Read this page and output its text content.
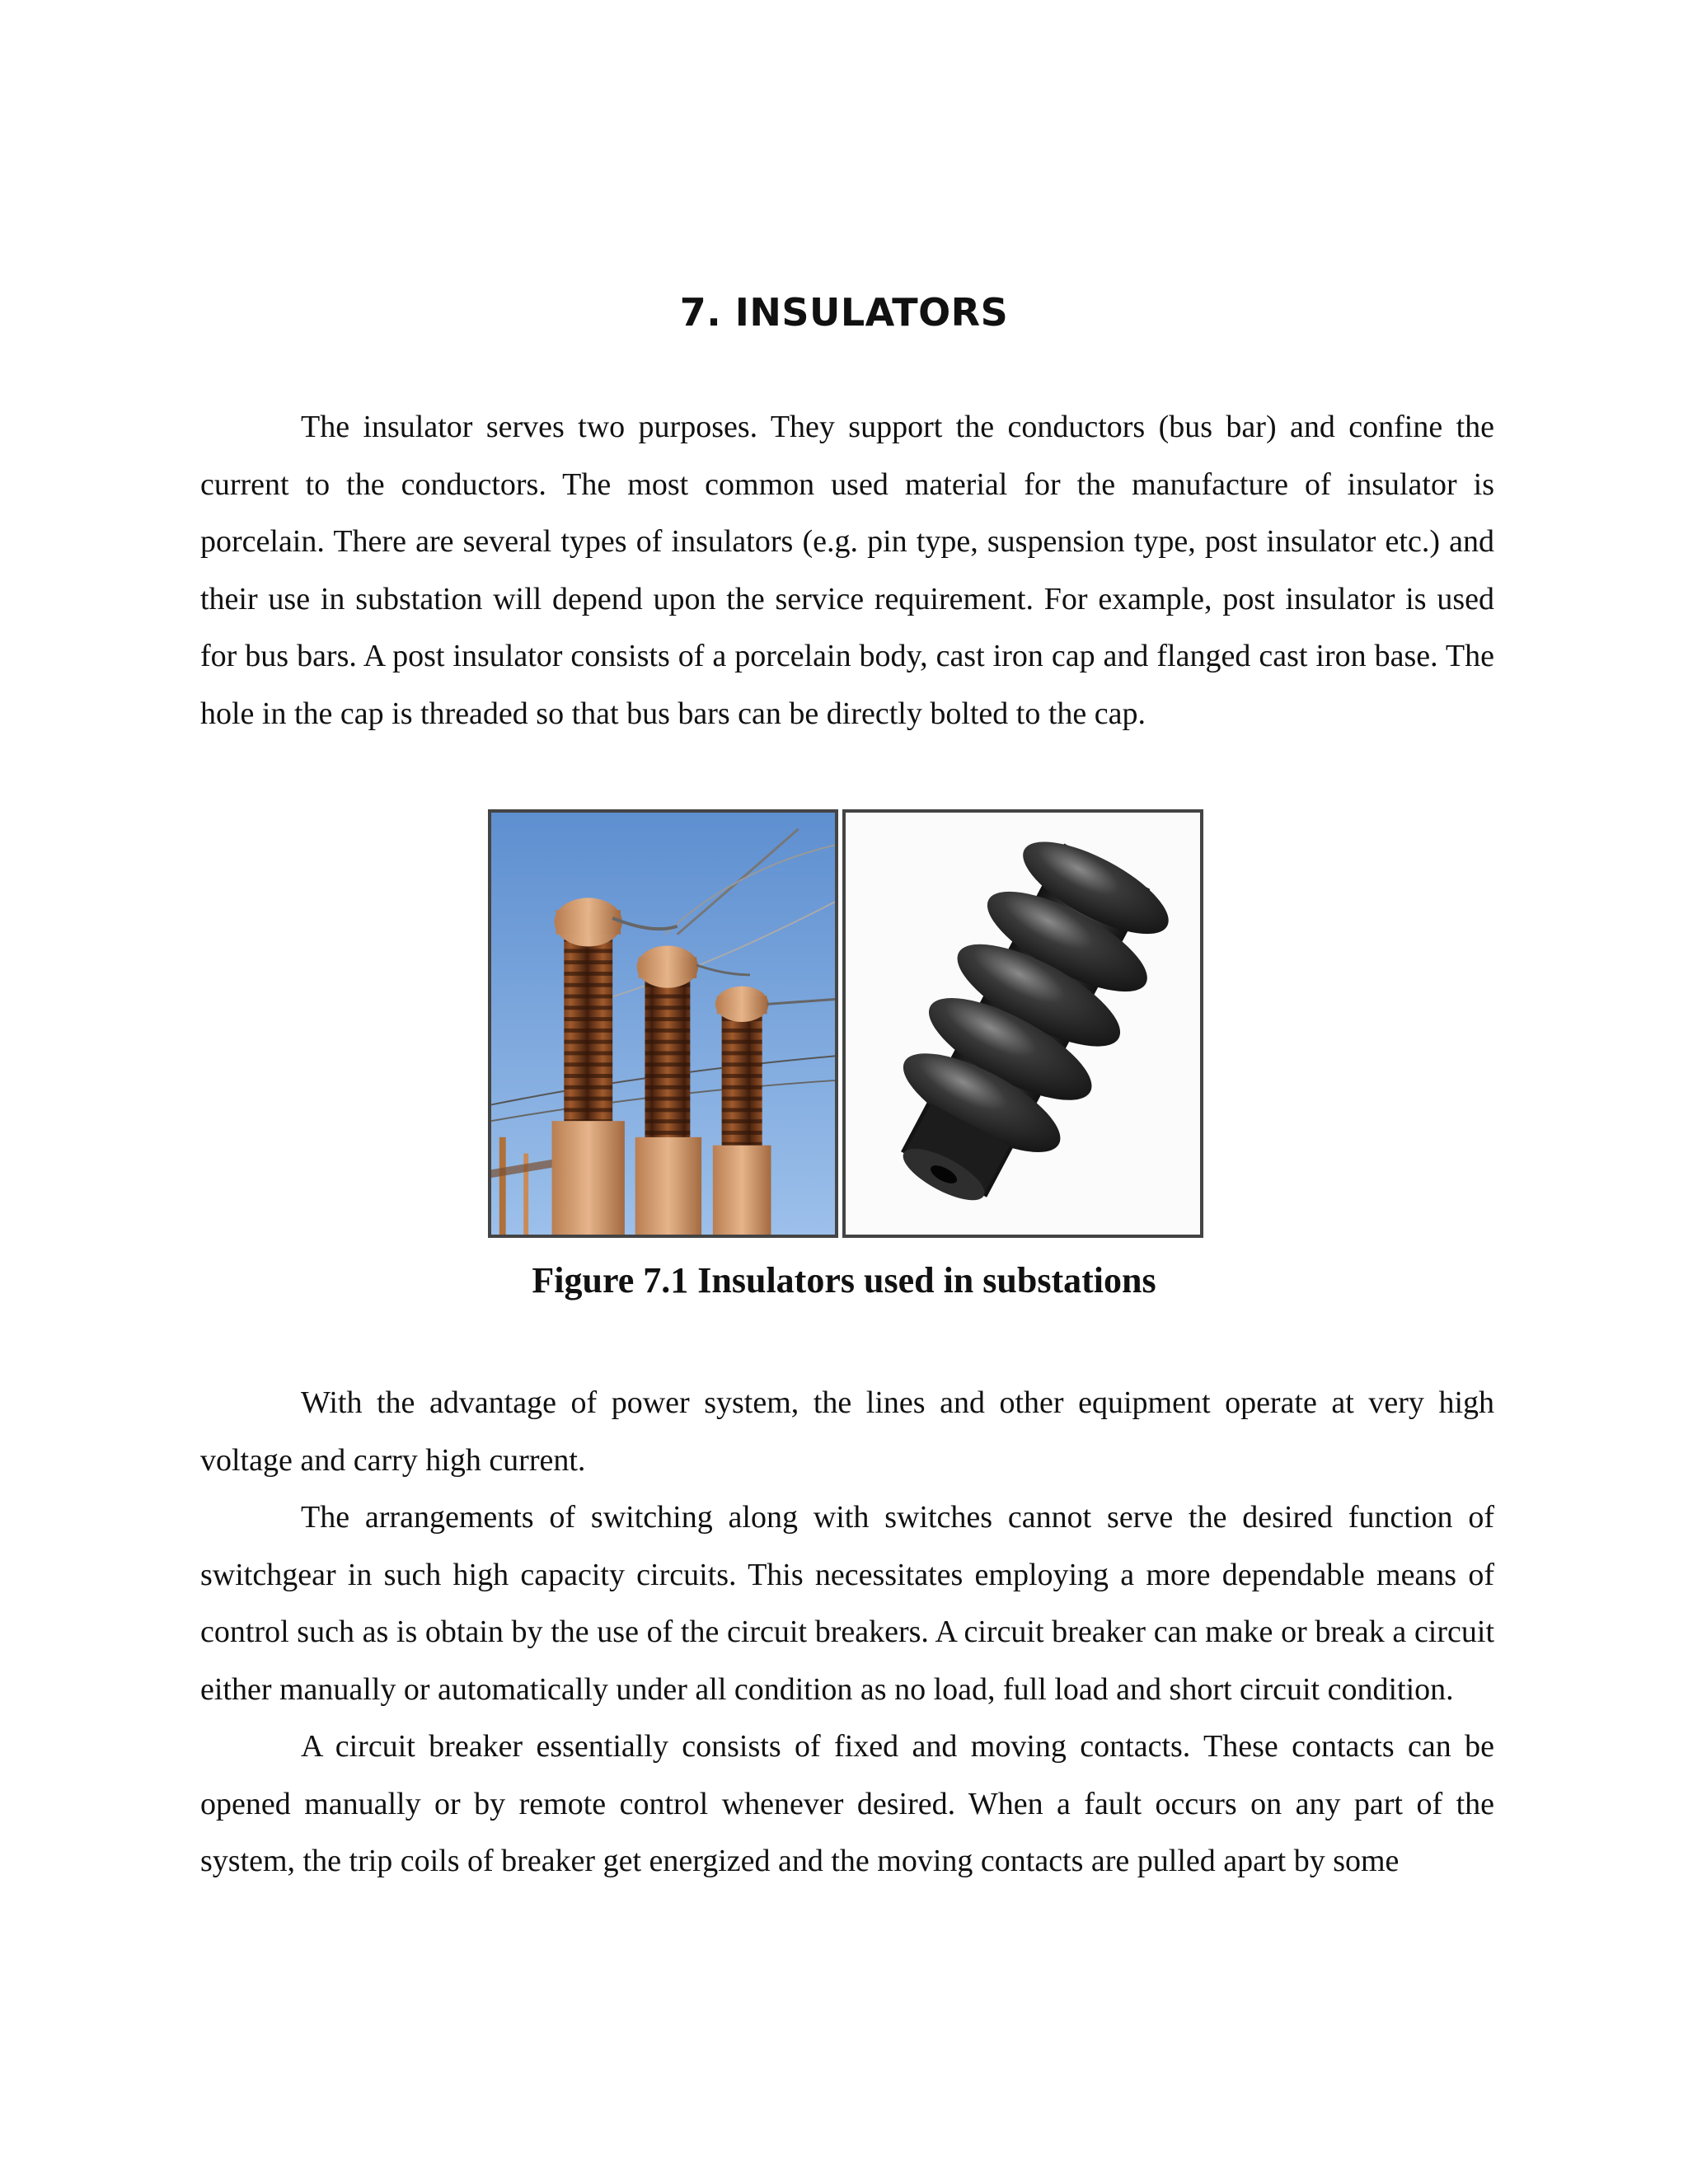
7. INSULATORS

The insulator serves two purposes. They support the conductors (bus bar) and confine the current to the conductors. The most common used material for the manufacture of insulator is porcelain. There are several types of insulators (e.g. pin type, suspension type, post insulator etc.) and their use in substation will depend upon the service requirement. For example, post insulator is used for bus bars. A post insulator consists of a porcelain body, cast iron cap and flanged cast iron base. The hole in the cap is threaded so that bus bars can be directly bolted to the cap.

Figure 7.1 Insulators used in substations

With the advantage of power system, the lines and other equipment operate at very high voltage and carry high current.

The arrangements of switching along with switches cannot serve the desired function of switchgear in such high capacity circuits. This necessitates employing a more dependable means of control such as is obtain by the use of the circuit breakers. A circuit breaker can make or break a circuit either manually or automatically under all condition as no load, full load and short circuit condition.

A circuit breaker essentially consists of fixed and moving contacts. These contacts can be opened manually or by remote control whenever desired. When a fault occurs on any part of the system, the trip coils of breaker get energized and the moving contacts are pulled apart by some
